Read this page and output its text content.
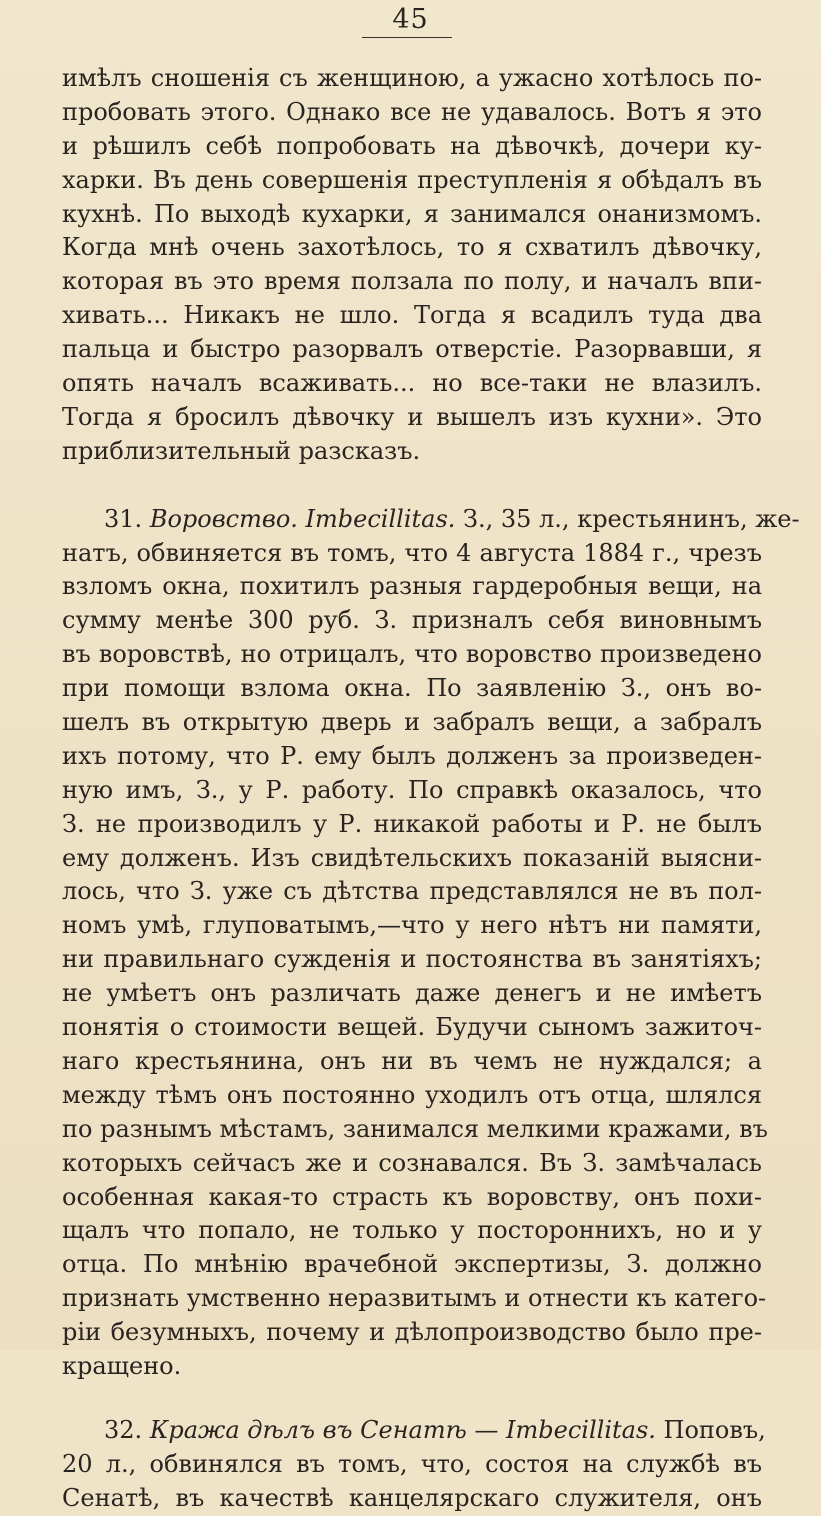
45
имѣлъ сношенія съ женщиною, а ужасно хотѣлось по-
пробовать этого. Однако все не удавалось. Вотъ я это
и рѣшилъ себѣ попробовать на дѣвочкѣ, дочери ку-
харки. Въ день совершенія преступленія я обѣдалъ въ
кухнѣ. По выходѣ кухарки, я занимался онанизмомъ.
Когда мнѣ очень захотѣлось, то я схватилъ дѣвочку,
которая въ это время ползала по полу, и началъ впи-
хивать... Никакъ не шло. Тогда я всадилъ туда два
пальца и быстро разорвалъ отверстіе. Разорвавши, я
опять началъ всаживать... но все-таки не влазилъ.
Тогда я бросилъ дѣвочку и вышелъ изъ кухни». Это
приблизительный разсказъ.
31. Воровство. Imbecillitas. З., 35 л., крестьянинъ, же-
натъ, обвиняется въ томъ, что 4 августа 1884 г., чрезъ
взломъ окна, похитилъ разныя гардеробныя вещи, на
сумму менѣе 300 руб. З. призналъ себя виновнымъ
въ воровствѣ, но отрицалъ, что воровство произведено
при помощи взлома окна. По заявленію З., онъ во-
шелъ въ открытую дверь и забралъ вещи, а забралъ
ихъ потому, что Р. ему былъ долженъ за произведен-
ную имъ, З., у Р. работу. По справкѣ оказалось, что
З. не производилъ у Р. никакой работы и Р. не былъ
ему долженъ. Изъ свидѣтельскихъ показаній выясни-
лось, что З. уже съ дѣтства представлялся не въ пол-
номъ умѣ, глуповатымъ,—что у него нѣтъ ни памяти,
ни правильнаго сужденія и постоянства въ занятіяхъ;
не умѣетъ онъ различать даже денегъ и не имѣетъ
понятія о стоимости вещей. Будучи сыномъ зажиточ-
наго крестьянина, онъ ни въ чемъ не нуждался; а
между тѣмъ онъ постоянно уходилъ отъ отца, шлялся
по разнымъ мѣстамъ, занимался мелкими кражами, въ
которыхъ сейчасъ же и сознавался. Въ З. замѣчалась
особенная какая-то страсть къ воровству, онъ похи-
щалъ что попало, не только у постороннихъ, но и у
отца. По мнѣнію врачебной экспертизы, З. должно
признать умственно неразвитымъ и отнести къ катего-
ріи безумныхъ, почему и дѣлопроизводство было пре-
кращено.
32. Кража дѣлъ въ Сенатѣ — Imbecillitas. Поповъ,
20 л., обвинялся въ томъ, что, состоя на службѣ въ
Сенатѣ, въ качествѣ канцелярскаго служителя, онъ
